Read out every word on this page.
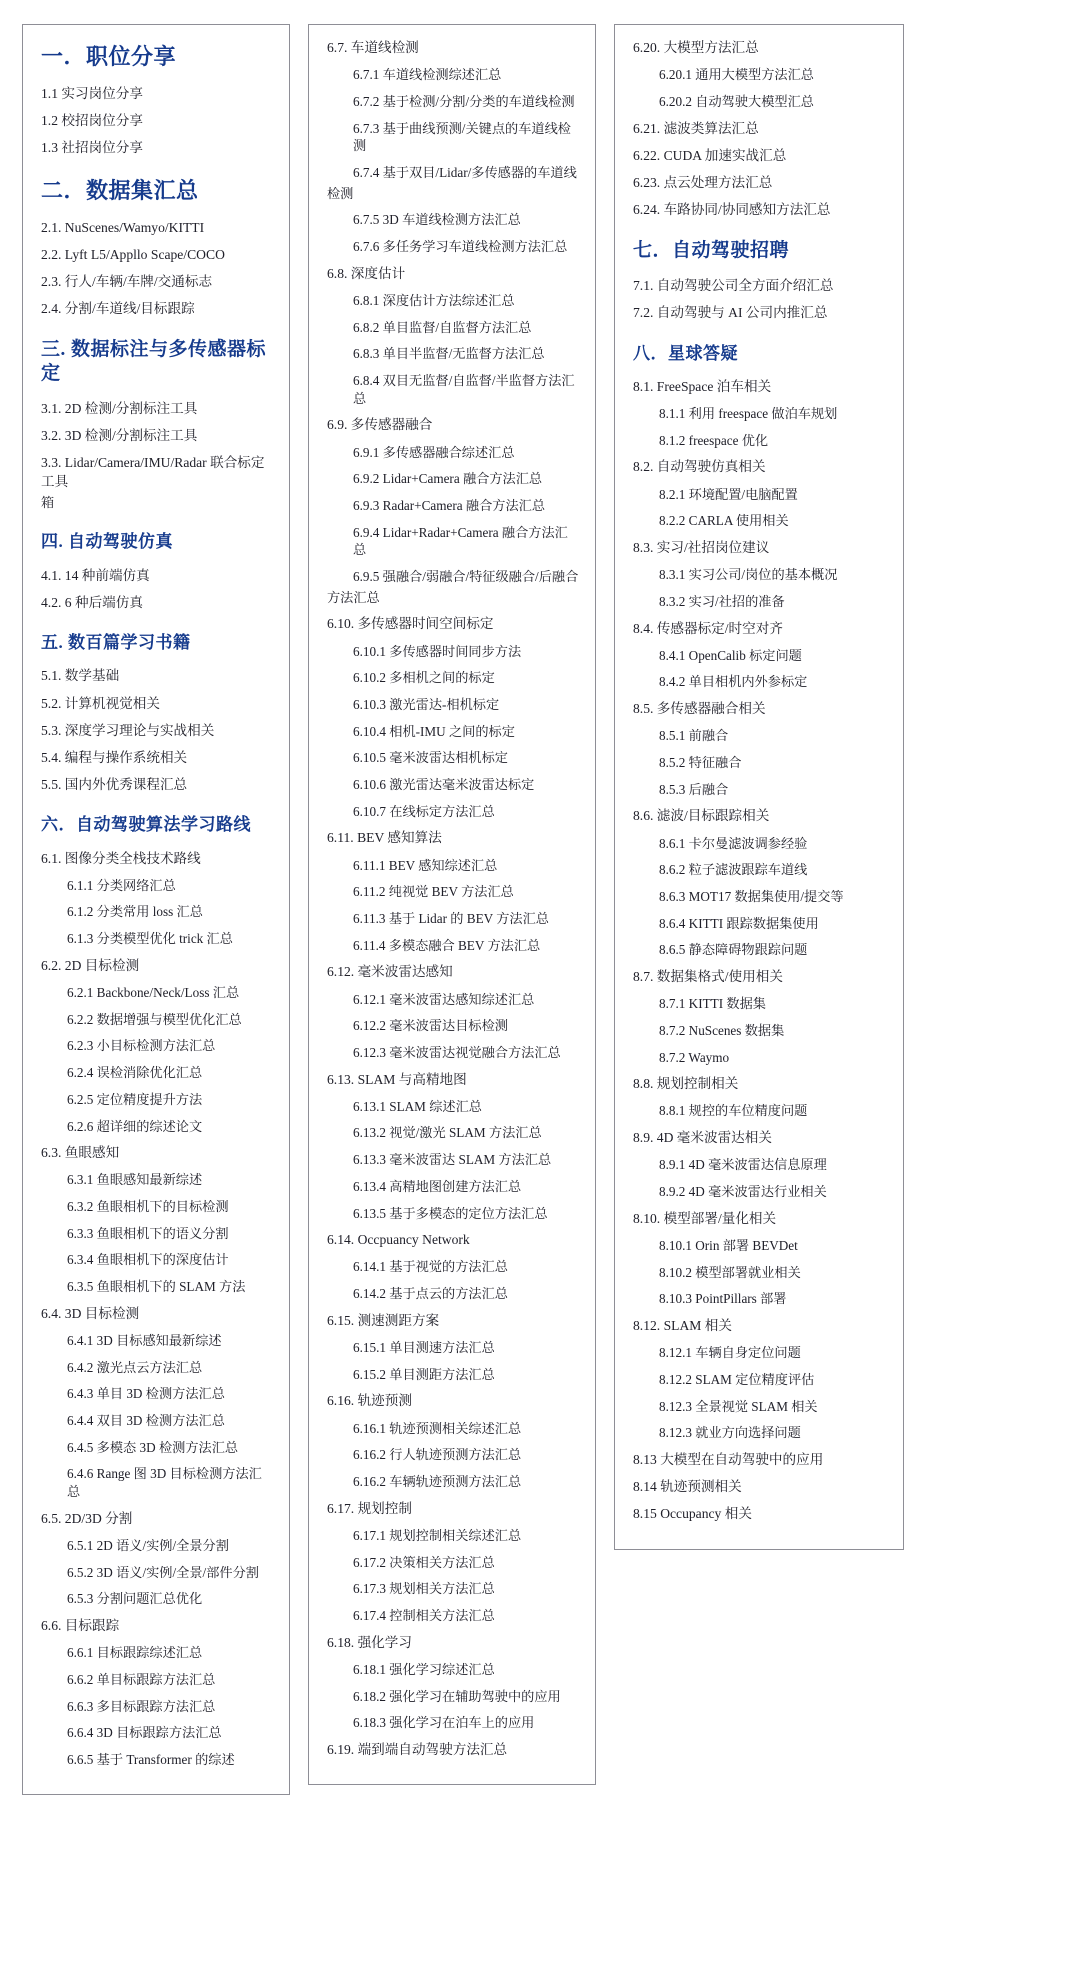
一．职位分享
1.1 实习岗位分享
1.2 校招岗位分享
1.3 社招岗位分享
二．数据集汇总
2.1. NuScenes/Wamyo/KITTI
2.2. Lyft L5/Appllo Scape/COCO
2.3. 行人/车辆/车牌/交通标志
2.4. 分割/车道线/目标跟踪
三. 数据标注与多传感器标定
3.1. 2D 检测/分割标注工具
3.2. 3D 检测/分割标注工具
3.3. Lidar/Camera/IMU/Radar 联合标定工具
箱
四. 自动驾驶仿真
4.1. 14 种前端仿真
4.2. 6 种后端仿真
五. 数百篇学习书籍
5.1. 数学基础
5.2. 计算机视觉相关
5.3. 深度学习理论与实战相关
5.4. 编程与操作系统相关
5.5. 国内外优秀课程汇总
六．自动驾驶算法学习路线
6.1. 图像分类全栈技术路线
6.1.1 分类网络汇总
6.1.2 分类常用 loss 汇总
6.1.3 分类模型优化 trick 汇总
6.2. 2D 目标检测
6.2.1 Backbone/Neck/Loss 汇总
6.2.2 数据增强与模型优化汇总
6.2.3 小目标检测方法汇总
6.2.4 误检消除优化汇总
6.2.5 定位精度提升方法
6.2.6 超详细的综述论文
6.3. 鱼眼感知
6.3.1 鱼眼感知最新综述
6.3.2 鱼眼相机下的目标检测
6.3.3 鱼眼相机下的语义分割
6.3.4 鱼眼相机下的深度估计
6.3.5 鱼眼相机下的 SLAM 方法
6.4. 3D 目标检测
6.4.1 3D 目标感知最新综述
6.4.2 激光点云方法汇总
6.4.3 单目 3D 检测方法汇总
6.4.4 双目 3D 检测方法汇总
6.4.5 多模态 3D 检测方法汇总
6.4.6 Range 图 3D 目标检测方法汇总
6.5. 2D/3D 分割
6.5.1 2D 语义/实例/全景分割
6.5.2 3D 语义/实例/全景/部件分割
6.5.3 分割问题汇总优化
6.6. 目标跟踪
6.6.1 目标跟踪综述汇总
6.6.2 单目标跟踪方法汇总
6.6.3 多目标跟踪方法汇总
6.6.4 3D 目标跟踪方法汇总
6.6.5 基于 Transformer 的综述
6.7. 车道线检测
6.7.1 车道线检测综述汇总
6.7.2 基于检测/分割/分类的车道线检测
6.7.3 基于曲线预测/关键点的车道线检测
6.7.4 基于双目/Lidar/多传感器的车道线
检测
6.7.5 3D 车道线检测方法汇总
6.7.6 多任务学习车道线检测方法汇总
6.8. 深度估计
6.8.1 深度估计方法综述汇总
6.8.2 单目监督/自监督方法汇总
6.8.3 单目半监督/无监督方法汇总
6.8.4 双目无监督/自监督/半监督方法汇总
6.9. 多传感器融合
6.9.1 多传感器融合综述汇总
6.9.2 Lidar+Camera 融合方法汇总
6.9.3 Radar+Camera 融合方法汇总
6.9.4 Lidar+Radar+Camera 融合方法汇总
6.9.5 强融合/弱融合/特征级融合/后融合
方法汇总
6.10. 多传感器时间空间标定
6.10.1 多传感器时间同步方法
6.10.2 多相机之间的标定
6.10.3 激光雷达-相机标定
6.10.4 相机-IMU 之间的标定
6.10.5 毫米波雷达相机标定
6.10.6 激光雷达毫米波雷达标定
6.10.7 在线标定方法汇总
6.11. BEV 感知算法
6.11.1 BEV 感知综述汇总
6.11.2 纯视觉 BEV 方法汇总
6.11.3 基于 Lidar 的 BEV 方法汇总
6.11.4 多模态融合 BEV 方法汇总
6.12. 毫米波雷达感知
6.12.1 毫米波雷达感知综述汇总
6.12.2 毫米波雷达目标检测
6.12.3 毫米波雷达视觉融合方法汇总
6.13. SLAM 与高精地图
6.13.1 SLAM 综述汇总
6.13.2 视觉/激光 SLAM 方法汇总
6.13.3 毫米波雷达 SLAM 方法汇总
6.13.4 高精地图创建方法汇总
6.13.5 基于多模态的定位方法汇总
6.14. Occpuancy Network
6.14.1 基于视觉的方法汇总
6.14.2 基于点云的方法汇总
6.15. 测速测距方案
6.15.1 单目测速方法汇总
6.15.2 单目测距方法汇总
6.16. 轨迹预测
6.16.1 轨迹预测相关综述汇总
6.16.2 行人轨迹预测方法汇总
6.16.2 车辆轨迹预测方法汇总
6.17. 规划控制
6.17.1 规划控制相关综述汇总
6.17.2 决策相关方法汇总
6.17.3 规划相关方法汇总
6.17.4 控制相关方法汇总
6.18. 强化学习
6.18.1 强化学习综述汇总
6.18.2 强化学习在辅助驾驶中的应用
6.18.3 强化学习在泊车上的应用
6.19. 端到端自动驾驶方法汇总
6.20. 大模型方法汇总
6.20.1 通用大模型方法汇总
6.20.2 自动驾驶大模型汇总
6.21. 滤波类算法汇总
6.22. CUDA 加速实战汇总
6.23. 点云处理方法汇总
6.24. 车路协同/协同感知方法汇总
七．自动驾驶招聘
7.1. 自动驾驶公司全方面介绍汇总
7.2. 自动驾驶与 AI 公司内推汇总
八．星球答疑
8.1. FreeSpace 泊车相关
8.1.1 利用 freespace 做泊车规划
8.1.2 freespace 优化
8.2. 自动驾驶仿真相关
8.2.1 环境配置/电脑配置
8.2.2 CARLA 使用相关
8.3. 实习/社招岗位建议
8.3.1 实习公司/岗位的基本概况
8.3.2 实习/社招的准备
8.4. 传感器标定/时空对齐
8.4.1 OpenCalib 标定问题
8.4.2 单目相机内外参标定
8.5. 多传感器融合相关
8.5.1 前融合
8.5.2 特征融合
8.5.3 后融合
8.6. 滤波/目标跟踪相关
8.6.1 卡尔曼滤波调参经验
8.6.2 粒子滤波跟踪车道线
8.6.3 MOT17 数据集使用/提交等
8.6.4 KITTI 跟踪数据集使用
8.6.5 静态障碍物跟踪问题
8.7. 数据集格式/使用相关
8.7.1 KITTI 数据集
8.7.2 NuScenes 数据集
8.7.2 Waymo
8.8. 规划控制相关
8.8.1 规控的车位精度问题
8.9. 4D 毫米波雷达相关
8.9.1 4D 毫米波雷达信息原理
8.9.2 4D 毫米波雷达行业相关
8.10. 模型部署/量化相关
8.10.1 Orin 部署 BEVDet
8.10.2 模型部署就业相关
8.10.3 PointPillars 部署
8.12. SLAM 相关
8.12.1 车辆自身定位问题
8.12.2 SLAM 定位精度评估
8.12.3 全景视觉 SLAM 相关
8.12.3 就业方向选择问题
8.13 大模型在自动驾驶中的应用
8.14 轨迹预测相关
8.15 Occupancy 相关
